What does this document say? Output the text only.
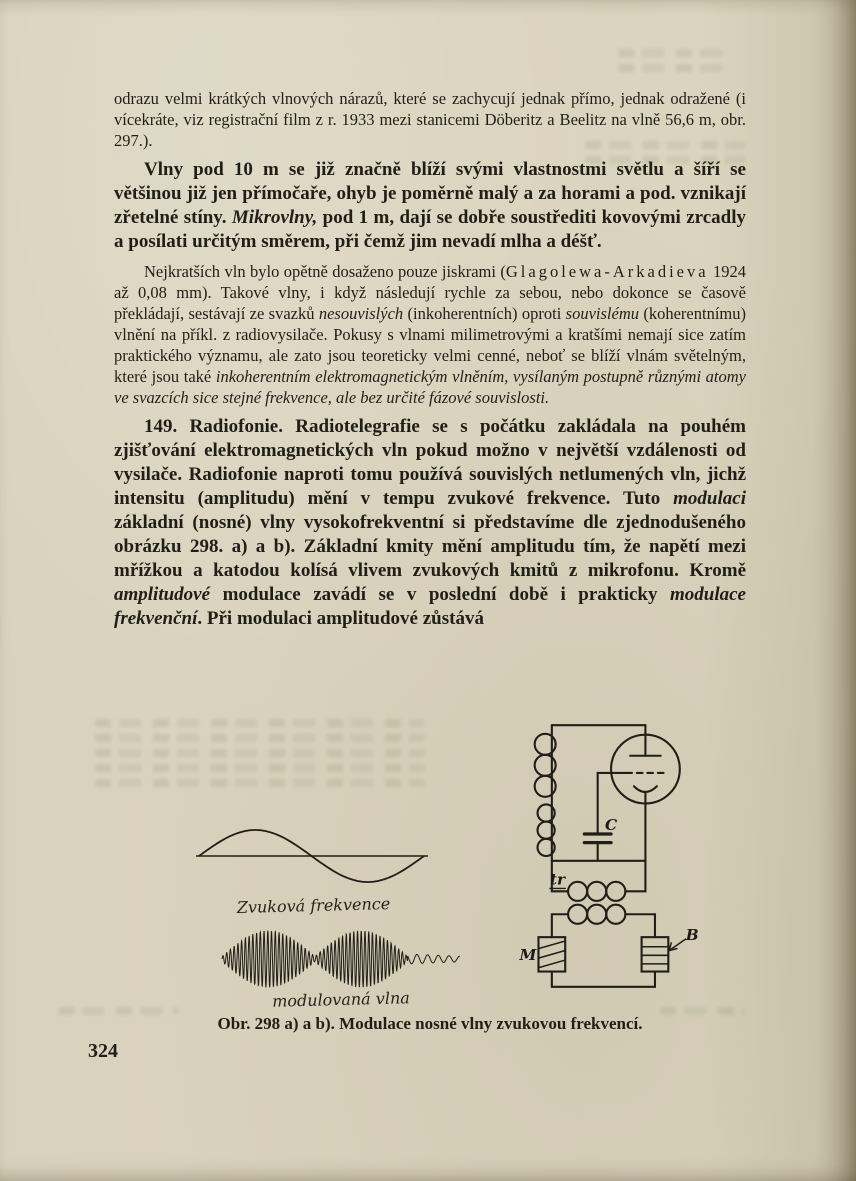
odrazu velmi krátkých vlnových nárazů, které se zachycují jednak přímo, jednak odražené (i vícekráte, viz registrační film z r. 1933 mezi stanicemi Döberitz a Beelitz na vlně 56,6 m, obr. 297.).

Vlny pod 10 m se již značně blíží svými vlastnostmi světlu a šíří se většinou již jen přímočaře, ohyb je poměrně malý a za horami a pod. vznikají zřetelné stíny. Mikrovlny, pod 1 m, dají se dobře soustřediti kovovými zrcadly a posílati určitým směrem, při čemž jim nevadí mlha a déšť.

Nejkratších vln bylo opětně dosaženo pouze jiskrami (Glagolewa-Arkadieva 1924 až 0,08 mm). Takové vlny, i když následují rychle za sebou, nebo dokonce se časově překládají, sestávají ze svazků nesouvislých (inkoherentních) oproti souvislému (koherentnímu) vlnění na příkl. z radiovysilače. Pokusy s vlnami milimetrovými a kratšími nemají sice zatím praktického významu, ale zato jsou teoreticky velmi cenné, neboť se blíží vlnám světelným, které jsou také inkoherentním elektromagnetickým vlněním, vysílaným postupně různými atomy ve svazcích sice stejné frekvence, ale bez určité fázové souvislosti.

149. Radiofonie. Radiotelegrafie se s počátku zakládala na pouhém zjišťování elektromagnetických vln pokud možno v největší vzdálenosti od vysilače. Radiofonie naproti tomu používá souvislých netlumených vln, jichž intensitu (amplitudu) mění v tempu zvukové frekvence. Tuto modulaci základní (nosné) vlny vysokofrekventní si představíme dle zjednodušeného obrázku 298. a) a b). Základní kmity mění amplitudu tím, že napětí mezi mřížkou a katodou kolísá vlivem zvukových kmitů z mikrofonu. Kromě amplitudové modulace zavádí se v poslední době i prakticky modulace frekvenční. Při modulaci amplitudové zůstává

Zvuková frekvence
modulovaná vlna
C
tr
M
B
Obr. 298 a) a b). Modulace nosné vlny zvukovou frekvencí.
324
